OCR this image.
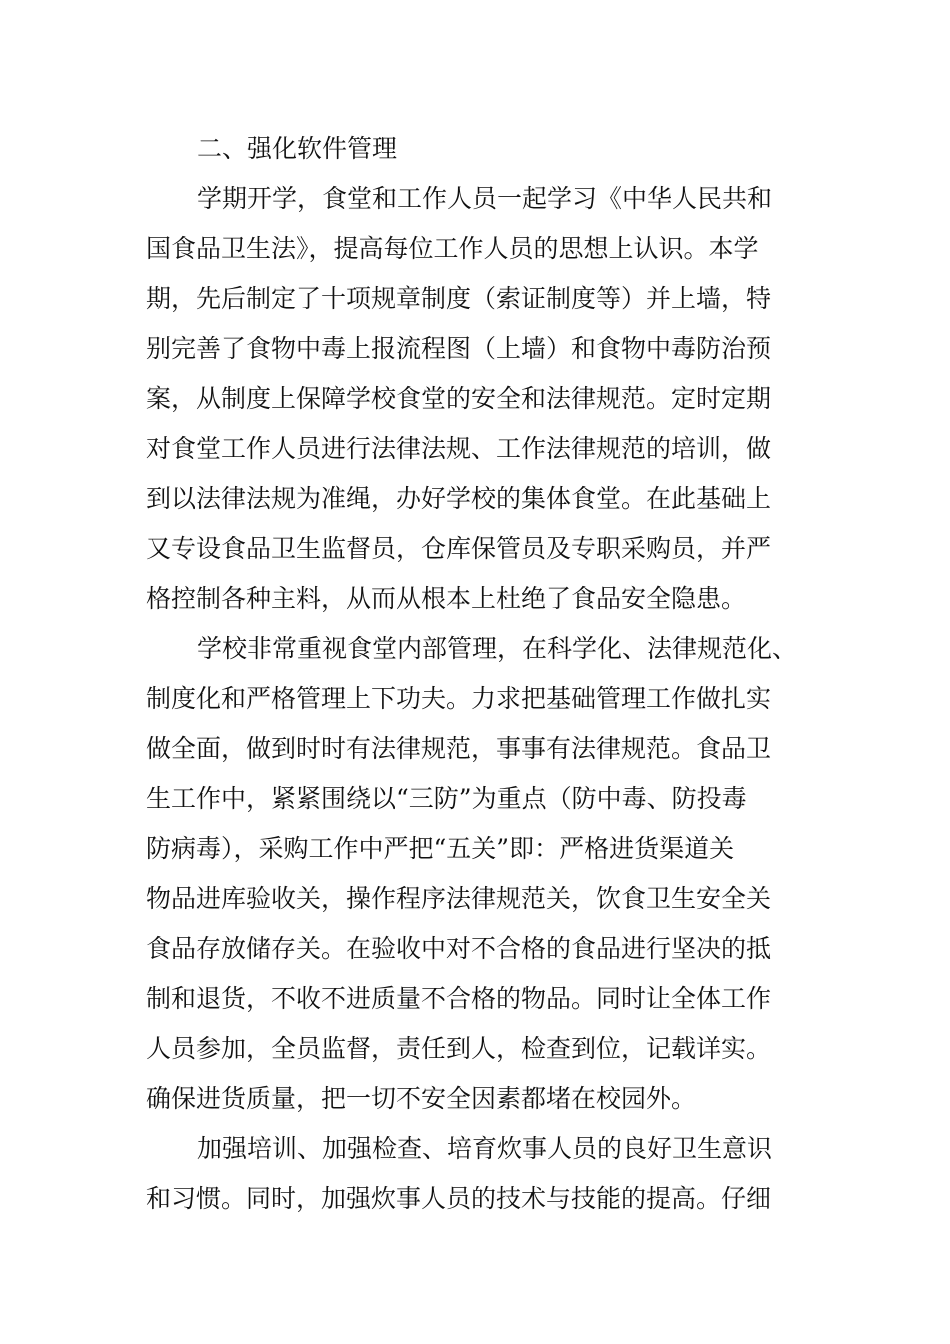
二、强化软件管理

学期开学，食堂和工作人员一起学习《中华人民共和

国食品卫生法》，提高每位工作人员的思想上认识。本学

期，先后制定了十项规章制度（索证制度等）并上墙，特

别完善了食物中毒上报流程图（上墙）和食物中毒防治预

案，从制度上保障学校食堂的安全和法律规范。定时定期

对食堂工作人员进行法律法规、工作法律规范的培训，做

到以法律法规为准绳，办好学校的集体食堂。在此基础上

又专设食品卫生监督员，仓库保管员及专职采购员，并严

格控制各种主料，从而从根本上杜绝了食品安全隐患。

学校非常重视食堂内部管理，在科学化、法律规范化、

制度化和严格管理上下功夫。力求把基础管理工作做扎实

做全面，做到时时有法律规范，事事有法律规范。食品卫

生工作中，紧紧围绕以“三防”为重点（防中毒、防投毒

防病毒），采购工作中严把“五关”即：严格进货渠道关

物品进库验收关，操作程序法律规范关，饮食卫生安全关

食品存放储存关。在验收中对不合格的食品进行坚决的抵

制和退货，不收不进质量不合格的物品。同时让全体工作

人员参加，全员监督，责任到人，检查到位，记载详实。

确保进货质量，把一切不安全因素都堵在校园外。

加强培训、加强检查、培育炊事人员的良好卫生意识

和习惯。同时，加强炊事人员的技术与技能的提高。仔细
